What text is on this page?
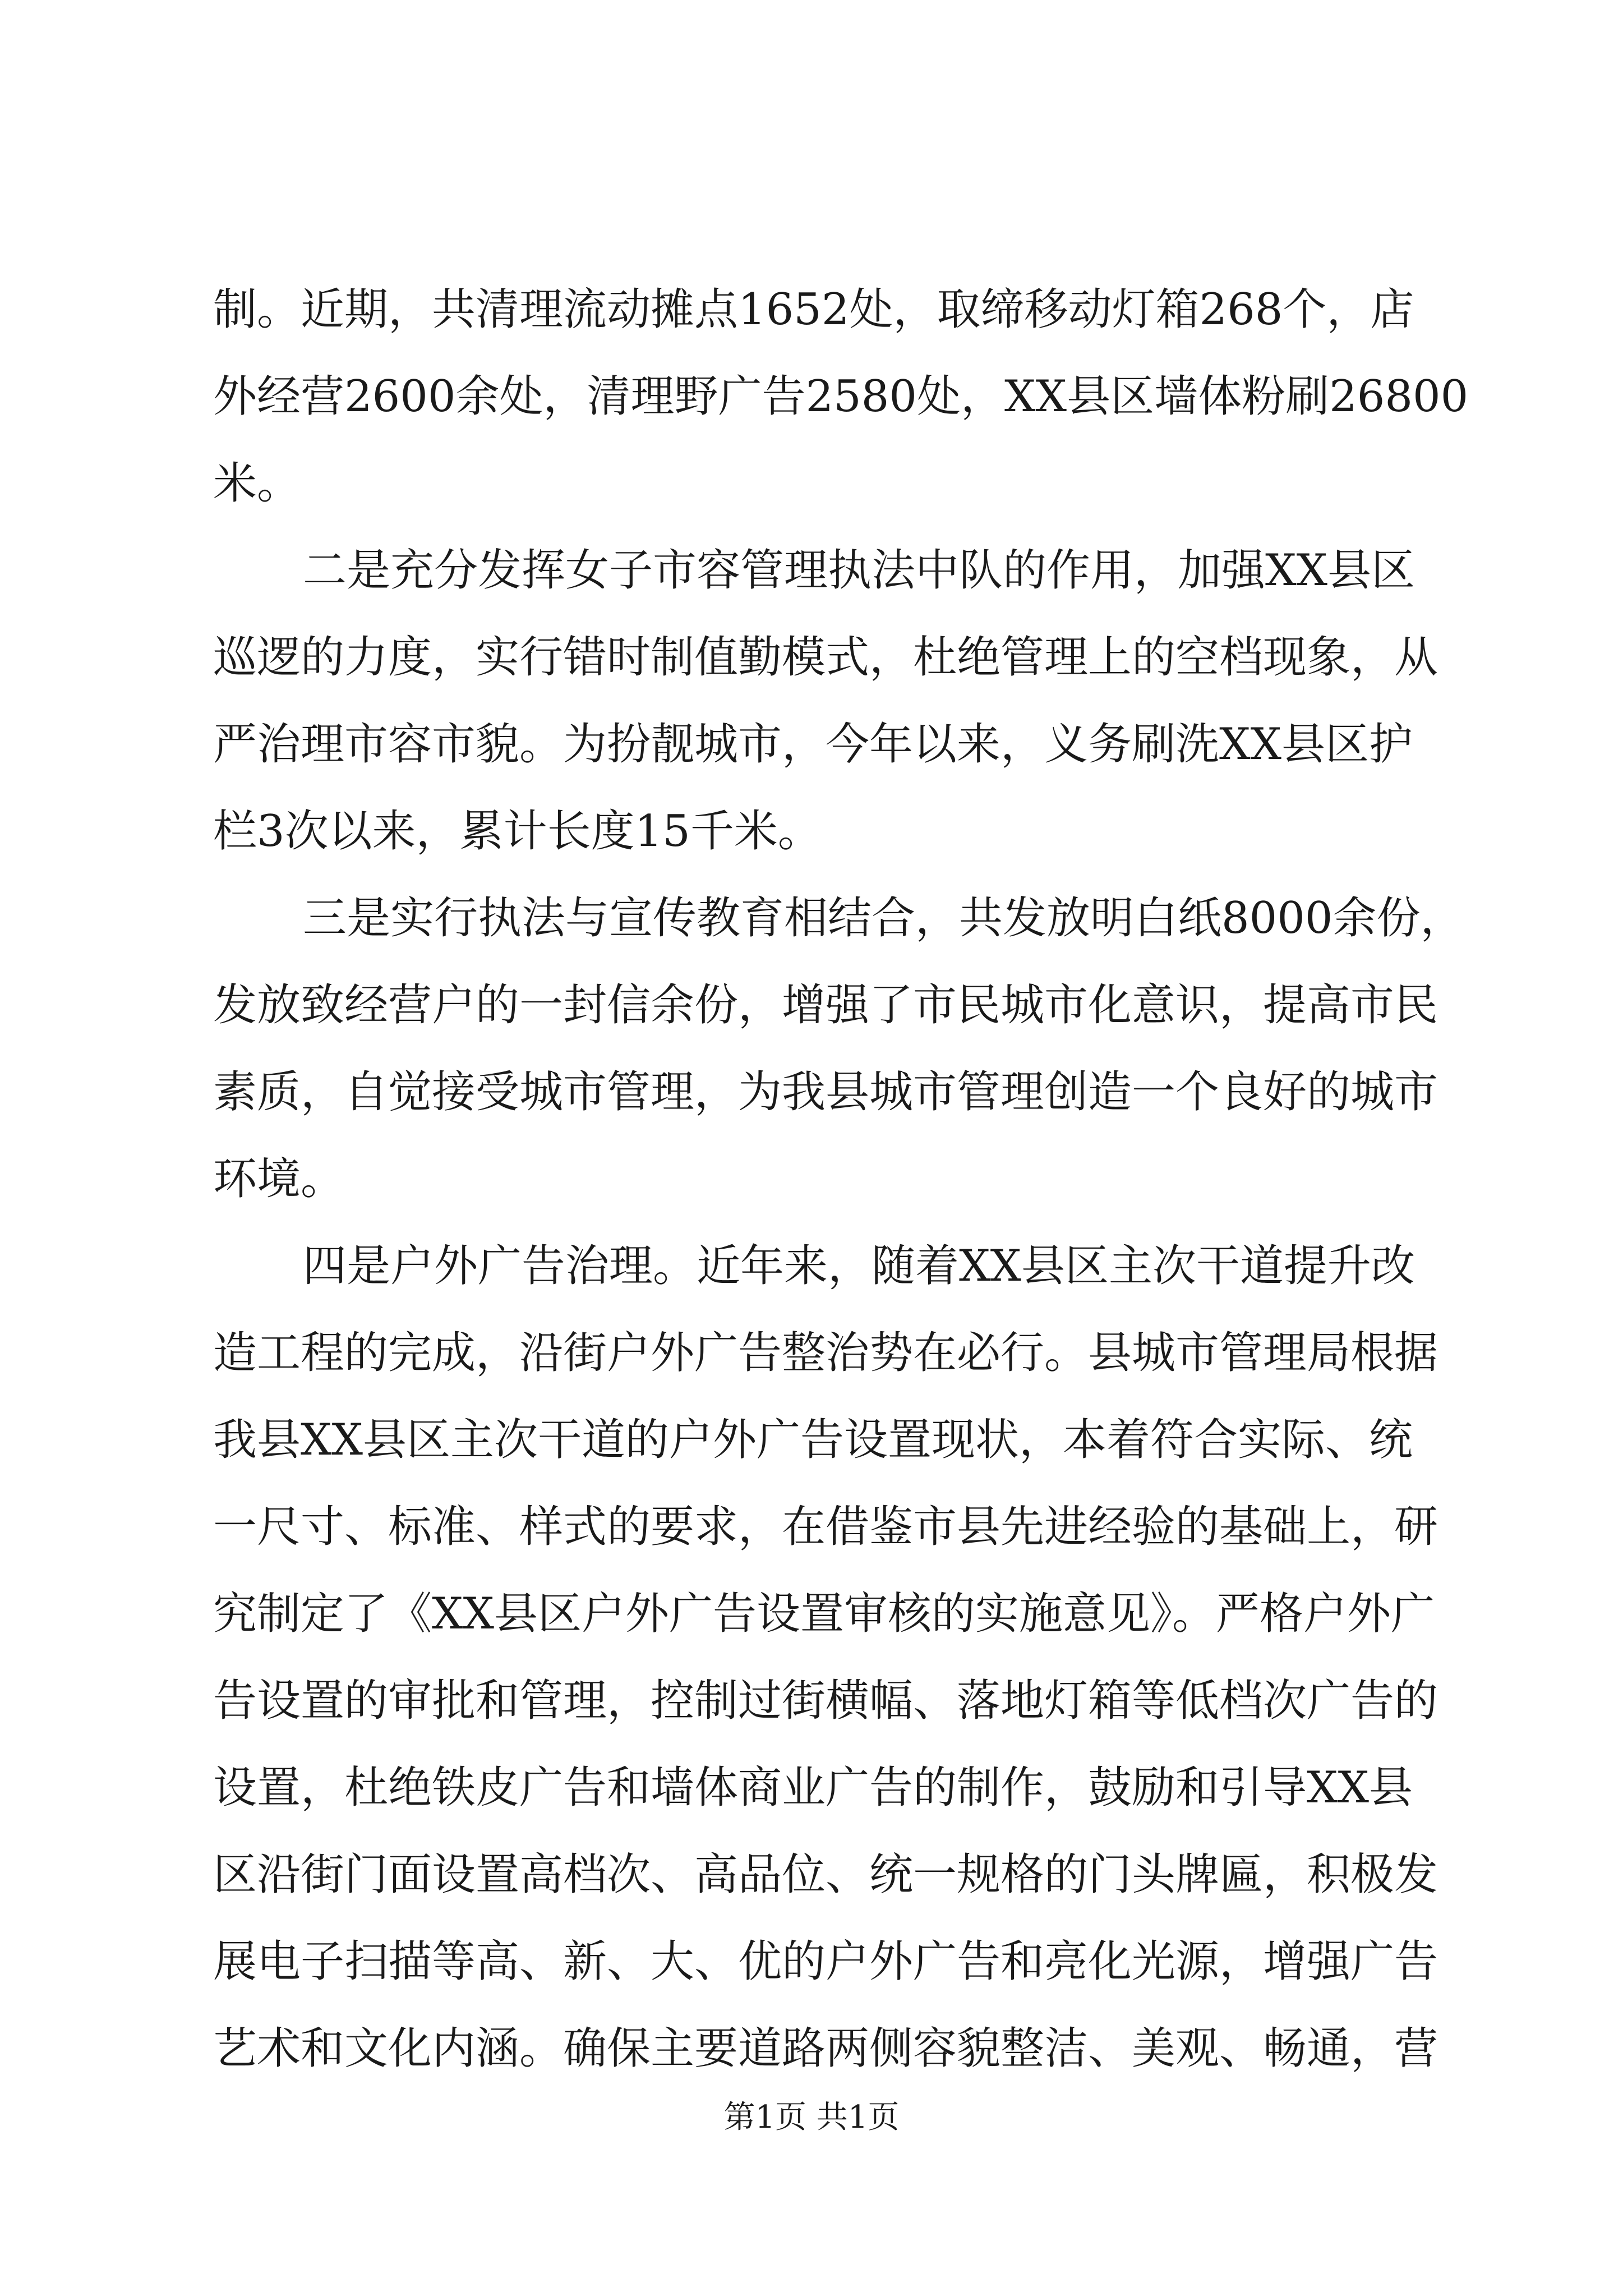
制。近期，共清理流动摊点1652处，取缔移动灯箱268个，店
外经营2600余处，清理野广告2580处，XX县区墙体粉刷26800
米。
二是充分发挥女子市容管理执法中队的作用，加强XX县区
巡逻的力度，实行错时制值勤模式，杜绝管理上的空档现象，从
严治理市容市貌。为扮靓城市，今年以来，义务刷洗XX县区护
栏3次以来，累计长度15千米。
三是实行执法与宣传教育相结合，共发放明白纸8000余份，
发放致经营户的一封信余份，增强了市民城市化意识，提高市民
素质，自觉接受城市管理，为我县城市管理创造一个良好的城市
环境。
四是户外广告治理。近年来，随着XX县区主次干道提升改
造工程的完成，沿街户外广告整治势在必行。县城市管理局根据
我县XX县区主次干道的户外广告设置现状，本着符合实际、统
一尺寸、标准、样式的要求，在借鉴市县先进经验的基础上，研
究制定了《XX县区户外广告设置审核的实施意见》。严格户外广
告设置的审批和管理，控制过街横幅、落地灯箱等低档次广告的
设置，杜绝铁皮广告和墙体商业广告的制作，鼓励和引导XX县
区沿街门面设置高档次、高品位、统一规格的门头牌匾，积极发
展电子扫描等高、新、大、优的户外广告和亮化光源，增强广告
艺术和文化内涵。确保主要道路两侧容貌整洁、美观、畅通，营
第1页 共1页
